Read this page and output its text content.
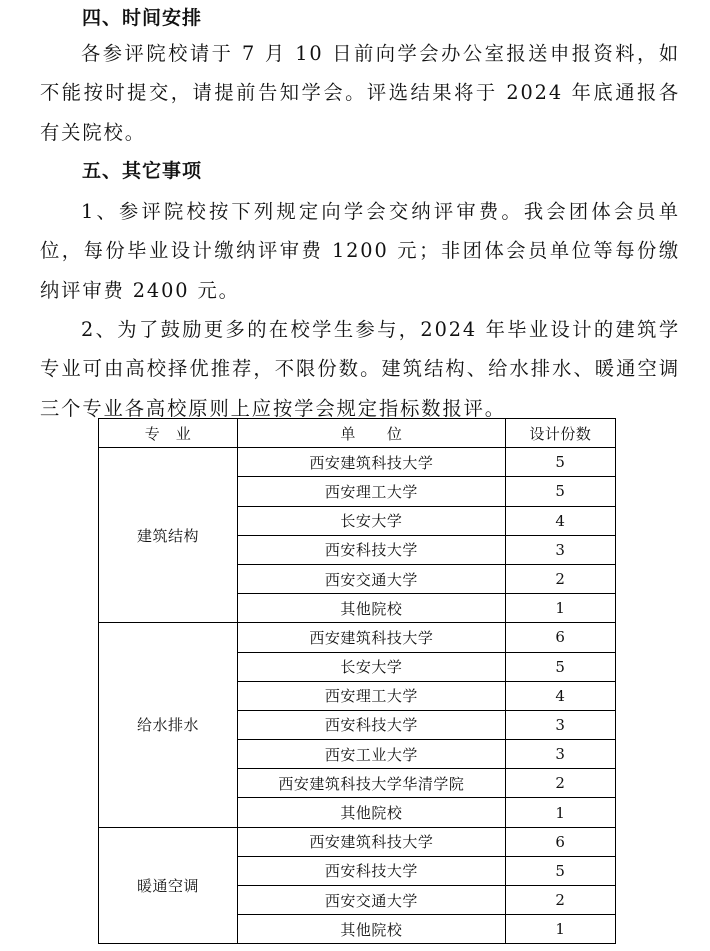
四、时间安排

各参评院校请于 7 月 10 日前向学会办公室报送申报资料，如不能按时提交，请提前告知学会。评选结果将于 2024 年底通报各有关院校。

五、其它事项

1、参评院校按下列规定向学会交纳评审费。我会团体会员单位，每份毕业设计缴纳评审费 1200 元；非团体会员单位等每份缴纳评审费 2400 元。

2、为了鼓励更多的在校学生参与，2024 年毕业设计的建筑学专业可由高校择优推荐，不限份数。建筑结构、给水排水、暖通空调三个专业各高校原则上应按学会规定指标数报评。

专　业	单　　位	设计份数
建筑结构	西安建筑科技大学	5
	西安理工大学	5
	长安大学	4
	西安科技大学	3
	西安交通大学	2
	其他院校	1
给水排水	西安建筑科技大学	6
	长安大学	5
	西安理工大学	4
	西安科技大学	3
	西安工业大学	3
	西安建筑科技大学华清学院	2
	其他院校	1
暖通空调	西安建筑科技大学	6
	西安科技大学	5
	西安交通大学	2
	其他院校	1
